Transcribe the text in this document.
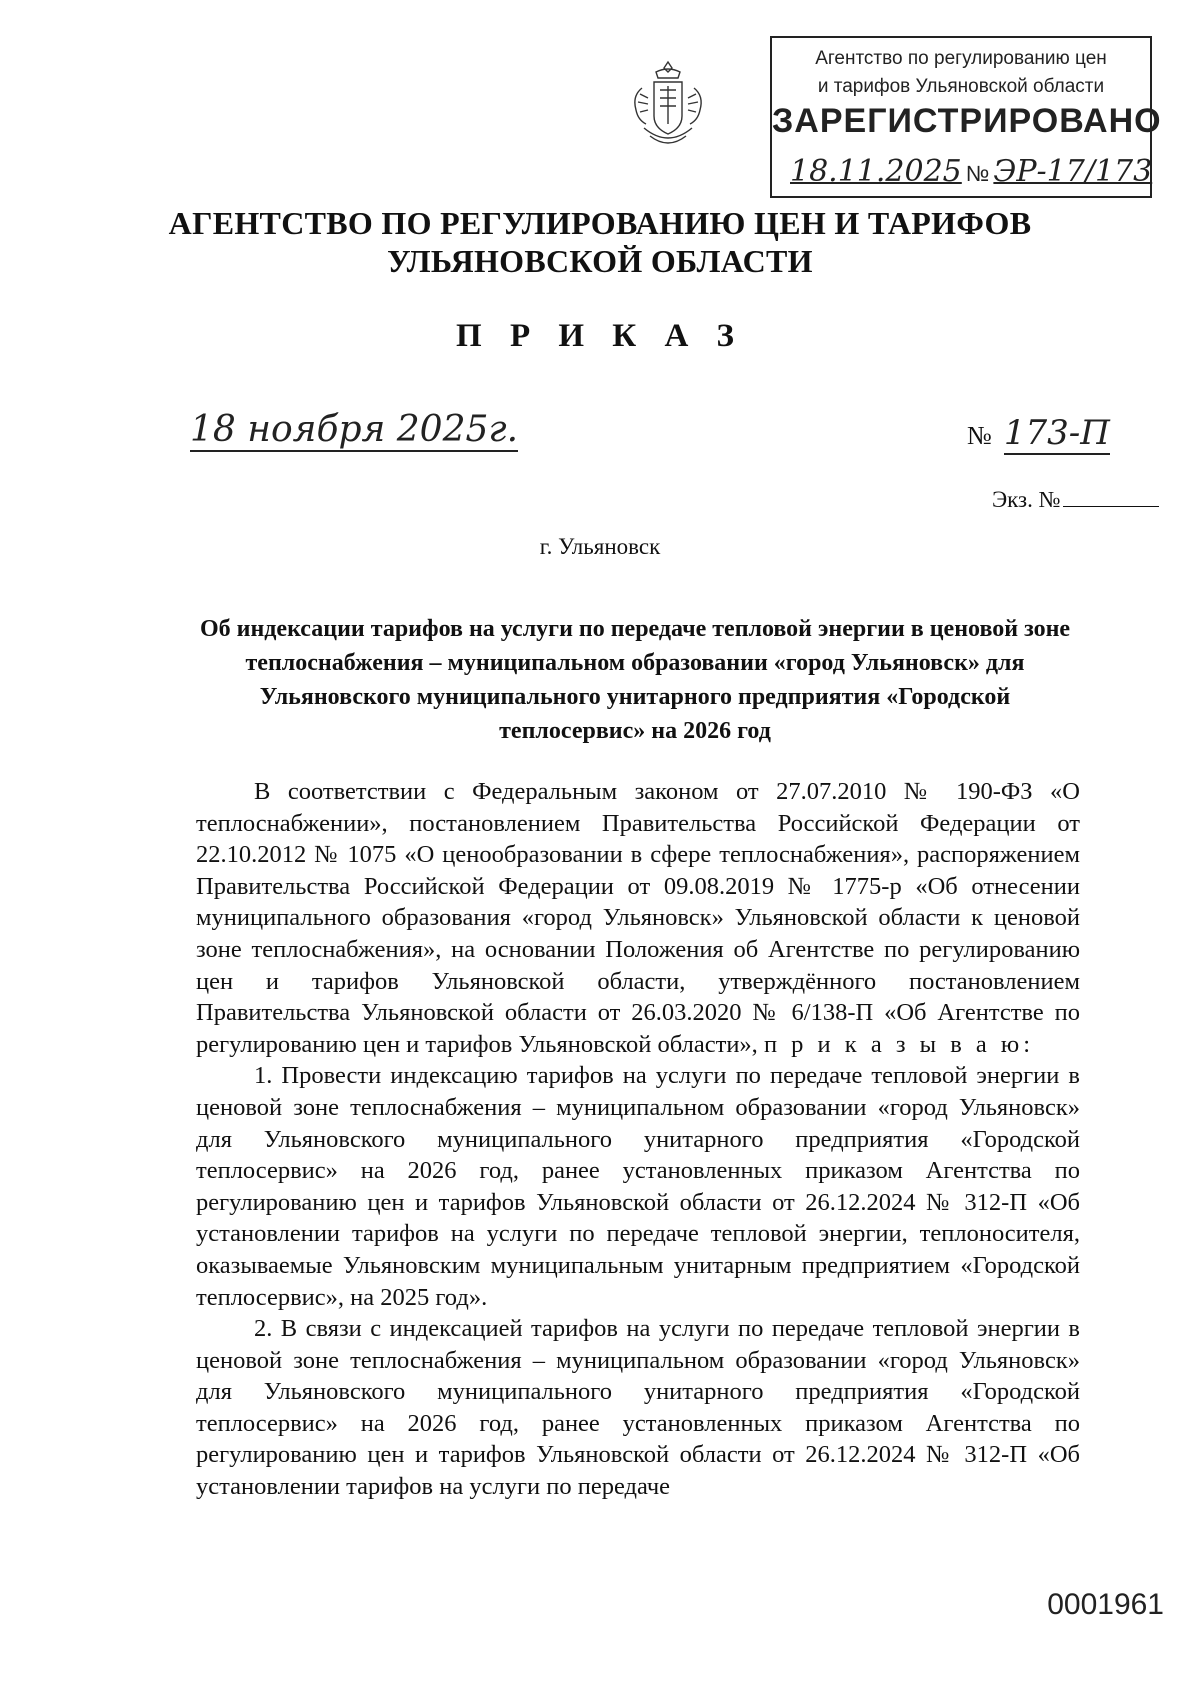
Агентство по регулированию цен
и тарифов Ульяновской области
ЗАРЕГИСТРИРОВАНО
18.11.2025 № ЭР-17/173
АГЕНТСТВО ПО РЕГУЛИРОВАНИЮ ЦЕН И ТАРИФОВ
УЛЬЯНОВСКОЙ ОБЛАСТИ
П Р И К А З
18 ноября 2025г.	№ 173-П
Экз. №
г. Ульяновск
Об индексации тарифов на услуги по передаче тепловой энергии в ценовой зоне теплоснабжения – муниципальном образовании «город Ульяновск» для Ульяновского муниципального унитарного предприятия «Городской теплосервис» на 2026 год

В соответствии с Федеральным законом от 27.07.2010 № 190-ФЗ «О теплоснабжении», постановлением Правительства Российской Федерации от 22.10.2012 № 1075 «О ценообразовании в сфере теплоснабжения», распоряжением Правительства Российской Федерации от 09.08.2019 № 1775-р «Об отнесении муниципального образования «город Ульяновск» Ульяновской области к ценовой зоне теплоснабжения», на основании Положения об Агентстве по регулированию цен и тарифов Ульяновской области, утверждённого постановлением Правительства Ульяновской области от 26.03.2020 № 6/138-П «Об Агентстве по регулированию цен и тарифов Ульяновской области», п р и к а з ы в а ю:

1. Провести индексацию тарифов на услуги по передаче тепловой энергии в ценовой зоне теплоснабжения – муниципальном образовании «город Ульяновск» для Ульяновского муниципального унитарного предприятия «Городской теплосервис» на 2026 год, ранее установленных приказом Агентства по регулированию цен и тарифов Ульяновской области от 26.12.2024 № 312-П «Об установлении тарифов на услуги по передаче тепловой энергии, теплоносителя, оказываемые Ульяновским муниципальным унитарным предприятием «Городской теплосервис», на 2025 год».

2. В связи с индексацией тарифов на услуги по передаче тепловой энергии в ценовой зоне теплоснабжения – муниципальном образовании «город Ульяновск» для Ульяновского муниципального унитарного предприятия «Городской теплосервис» на 2026 год, ранее установленных приказом Агентства по регулированию цен и тарифов Ульяновской области от 26.12.2024 № 312-П «Об установлении тарифов на услуги по передаче

0001961
